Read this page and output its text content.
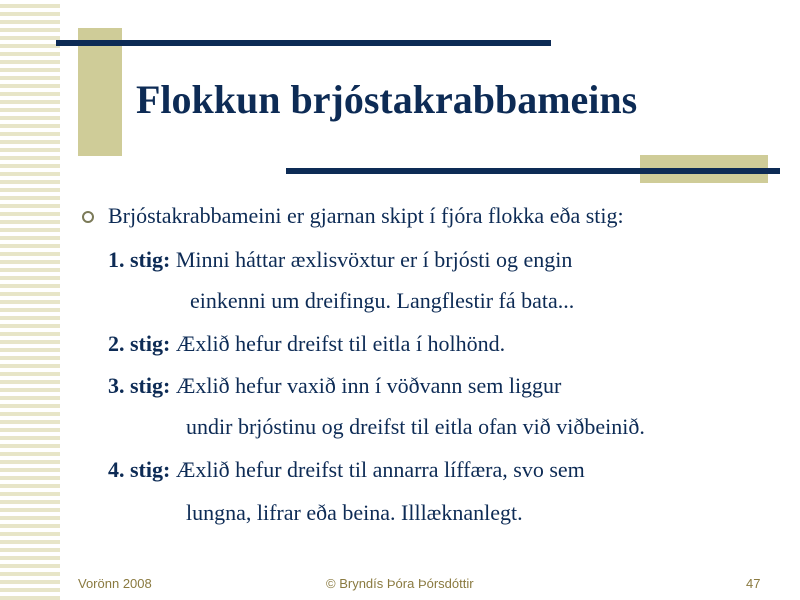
Flokkun brjóstakrabbameins

Brjóstakrabbameini er gjarnan skipt í fjóra flokka eða stig:

1. stig: Minni háttar æxlisvöxtur er í brjósti og engin

einkenni um dreifingu. Langflestir fá bata...

2. stig: Æxlið hefur dreifst til eitla í holhönd.

3. stig: Æxlið hefur vaxið inn í vöðvann sem liggur

undir brjóstinu og dreifst til eitla ofan við viðbeinið.

4. stig: Æxlið hefur dreifst til annarra líffæra, svo sem

lungna, lifrar eða beina. Illlæknanlegt.

Vorönn 2008	© Bryndís Þóra Þórsdóttir	47
